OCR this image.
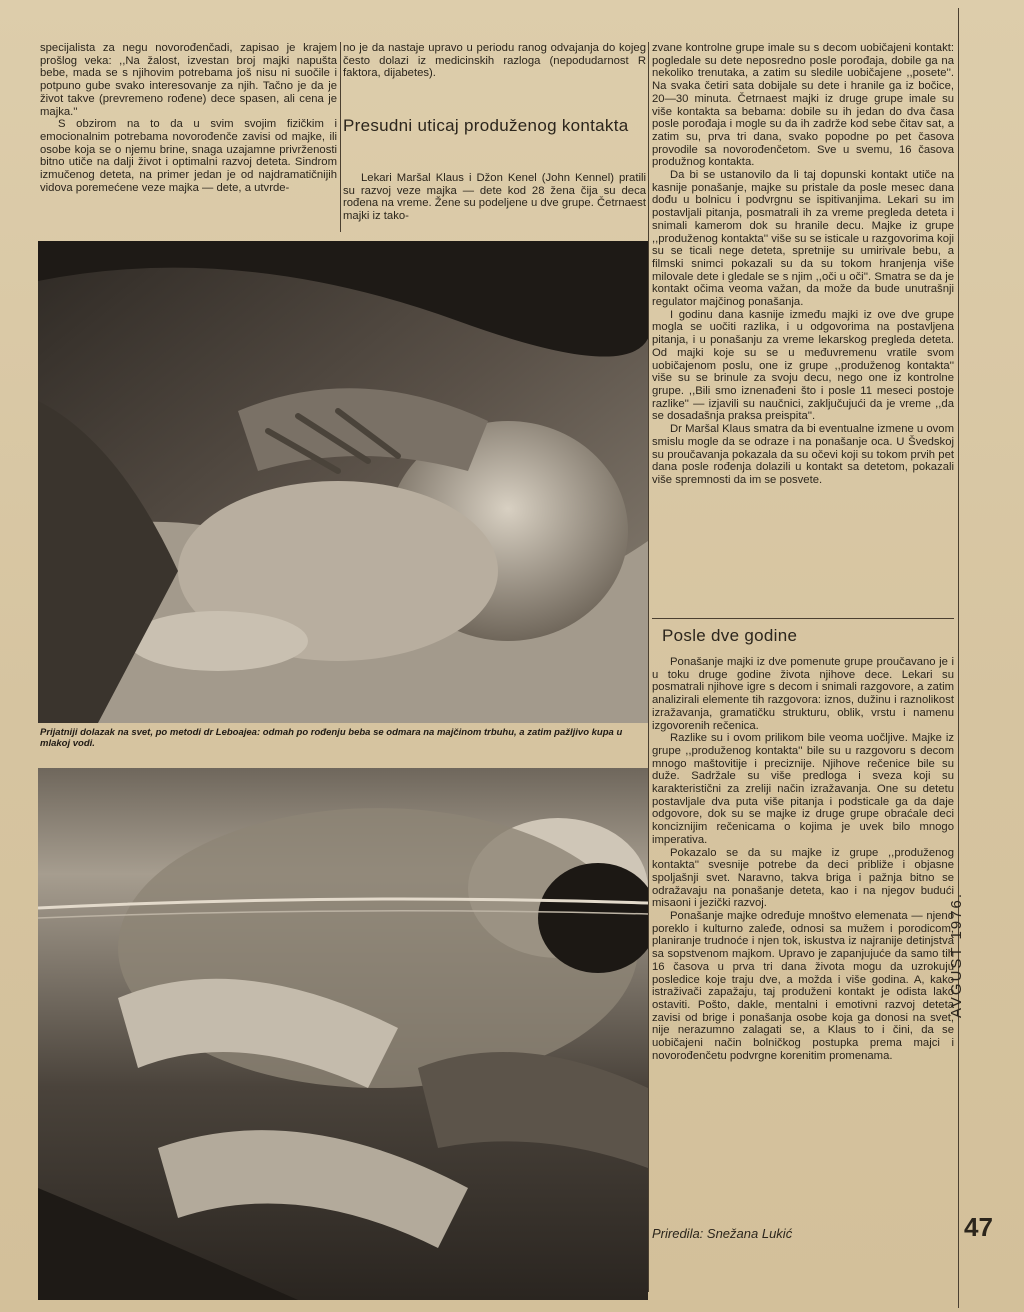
specijalista za negu novorođenčadi, zapisao je krajem prošlog veka: ,,Na žalost, izvestan broj majki napušta bebe, mada se s njihovim potrebama još nisu ni suočile i potpuno gube svako interesovanje za njih. Tačno je da je život takve (prevremeno rođene) dece spasen, ali cena je majka.''

S obzirom na to da u svim svojim fizičkim i emocionalnim potrebama novorođenče zavisi od majke, ili osobe koja se o njemu brine, snaga uzajamne privrženosti bitno utiče na dalji život i optimalni razvoj deteta. Sindrom izmučenog deteta, na primer jedan je od najdramatičnijih vidova poremećene veze majka — dete, a utvrde-

no je da nastaje upravo u periodu ranog odvajanja do kojeg često dolazi iz medicinskih razloga (nepodudarnost R faktora, dijabetes).

Presudni uticaj produženog kontakta

Lekari Maršal Klaus i Džon Kenel (John Kennel) pratili su razvoj veze majka — dete kod 28 žena čija su deca rođena na vreme. Žene su podeljene u dve grupe. Četrnaest majki iz tako-

zvane kontrolne grupe imale su s decom uobičajeni kontakt: pogledale su dete neposredno posle porođaja, dobile ga na nekoliko trenutaka, a zatim su sledile uobičajene ,,posete''. Na svaka četiri sata dobijale su dete i hranile ga iz bočice, 20—30 minuta. Četrnaest majki iz druge grupe imale su više kontakta sa bebama: dobile su ih jedan do dva časa posle porođaja i mogle su da ih zadrže kod sebe čitav sat, a zatim su, prva tri dana, svako popodne po pet časova provodile sa novorođenčetom. Sve u svemu, 16 časova produžnog kontakta.

Da bi se ustanovilo da li taj dopunski kontakt utiče na kasnije ponašanje, majke su pristale da posle mesec dana dođu u bolnicu i podvrgnu se ispitivanjima. Lekari su im postavljali pitanja, posmatrali ih za vreme pregleda deteta i snimali kamerom dok su hranile decu. Majke iz grupe ,,produženog kontakta'' više su se isticale u razgovorima koji su se ticali nege deteta, spretnije su umirivale bebu, a filmski snimci pokazali su da su tokom hranjenja više milovale dete i gledale se s njim ,,oči u oči''. Smatra se da je kontakt očima veoma važan, da može da bude unutrašnji regulator majčinog ponašanja.

I godinu dana kasnije između majki iz ove dve grupe mogla se uočiti razlika, i u odgovorima na postavljena pitanja, i u ponašanju za vreme lekarskog pregleda deteta. Od majki koje su se u međuvremenu vratile svom uobičajenom poslu, one iz grupe ,,produženog kontakta'' više su se brinule za svoju decu, nego one iz kontrolne grupe. ,,Bili smo iznenađeni što i posle 11 meseci postoje razlike'' — izjavili su naučnici, zaključujući da je vreme ,,da se dosadašnja praksa preispita''.

Dr Maršal Klaus smatra da bi eventualne izmene u ovom smislu mogle da se odraze i na ponašanje oca. U Švedskoj su proučavanja pokazala da su očevi koji su tokom prvih pet dana posle rođenja dolazili u kontakt sa detetom, pokazali više spremnosti da im se posvete.

Posle dve godine

Ponašanje majki iz dve pomenute grupe proučavano je i u toku druge godine života njihove dece. Lekari su posmatrali njihove igre s decom i snimali razgovore, a zatim analizirali elemente tih razgovora: iznos, dužinu i raznolikost izražavanja, gramatičku strukturu, oblik, vrstu i namenu izgovorenih rečenica.

Razlike su i ovom prilikom bile veoma uočljive. Majke iz grupe ,,produženog kontakta'' bile su u razgovoru s decom mnogo maštovitije i preciznije. Njihove rečenice bile su duže. Sadržale su više predloga i sveza koji su karakteristični za zreliji način izražavanja. One su detetu postavljale dva puta više pitanja i podsticale ga da daje odgovore, dok su se majke iz druge grupe obraćale deci konciznijim rečenicama o kojima je uvek bilo mnogo imperativa.

Pokazalo se da su majke iz grupe ,,produženog kontakta'' svesnije potrebe da deci približe i objasne spoljašnji svet. Naravno, takva briga i pažnja bitno se odražavaju na ponašanje deteta, kao i na njegov budući misaoni i jezički razvoj.

Ponašanje majke određuje mnoštvo elemenata — njeno poreklo i kulturno zaleđe, odnosi sa mužem i porodicom, planiranje trudnoće i njen tok, iskustva iz najranije detinjstva sa sopstvenom majkom. Upravo je zapanjujuće da samo tih 16 časova u prva tri dana života mogu da uzrokuju posledice koje traju dve, a možda i više godina. A, kako istraživači zapažaju, taj produženi kontakt je odista lako ostaviti. Pošto, dakle, mentalni i emotivni razvoj deteta zavisi od brige i ponašanja osobe koja ga donosi na svet, nije nerazumno zalagati se, a Klaus to i čini, da se uobičajeni način bolničkog postupka prema majci i novorođenčetu podvrgne korenitim promenama.

Prijatniji dolazak na svet, po metodi dr Leboajea: odmah po rođenju beba se odmara na majčinom trbuhu, a zatim pažljivo kupa u mlakoj vodi.
Priredila: Snežana Lukić
AVGUST 1976.
47
